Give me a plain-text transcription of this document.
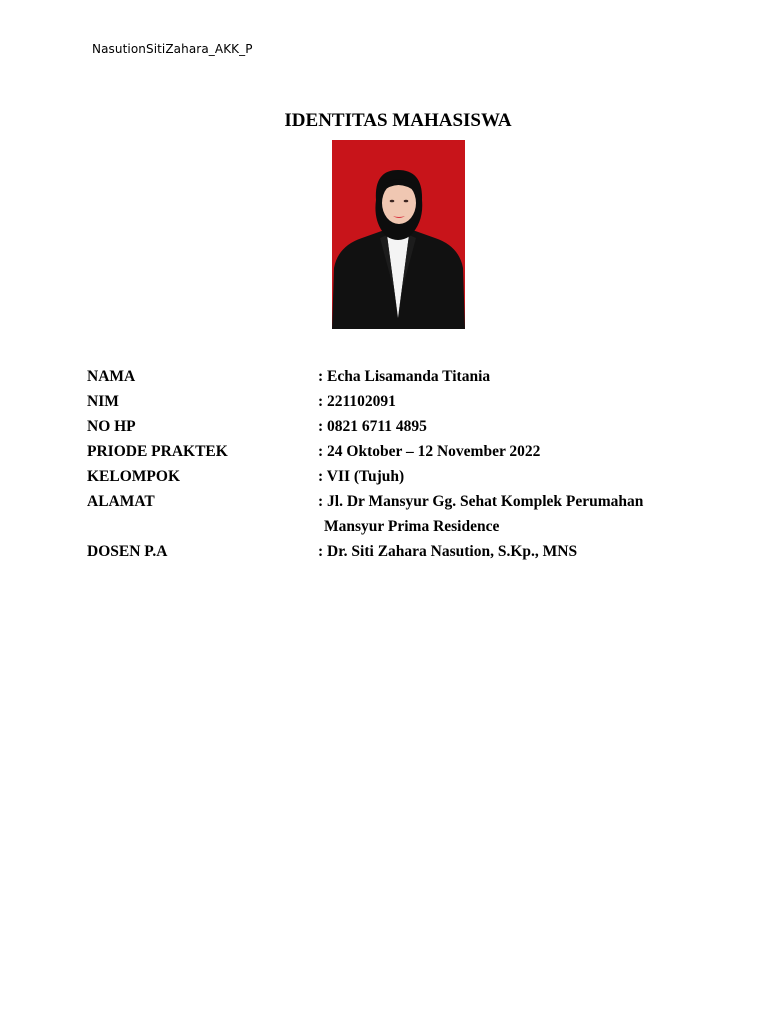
NasutionSitiZahara_AKK_P
IDENTITAS MAHASISWA
NAMA	: Echa Lisamanda Titania
NIM	: 221102091
NO HP	: 0821 6711 4895
PRIODE PRAKTEK	: 24 Oktober – 12 November 2022
KELOMPOK	: VII (Tujuh)
ALAMAT	: Jl. Dr Mansyur Gg. Sehat Komplek Perumahan
Mansyur Prima Residence
DOSEN P.A	: Dr. Siti Zahara Nasution, S.Kp., MNS
